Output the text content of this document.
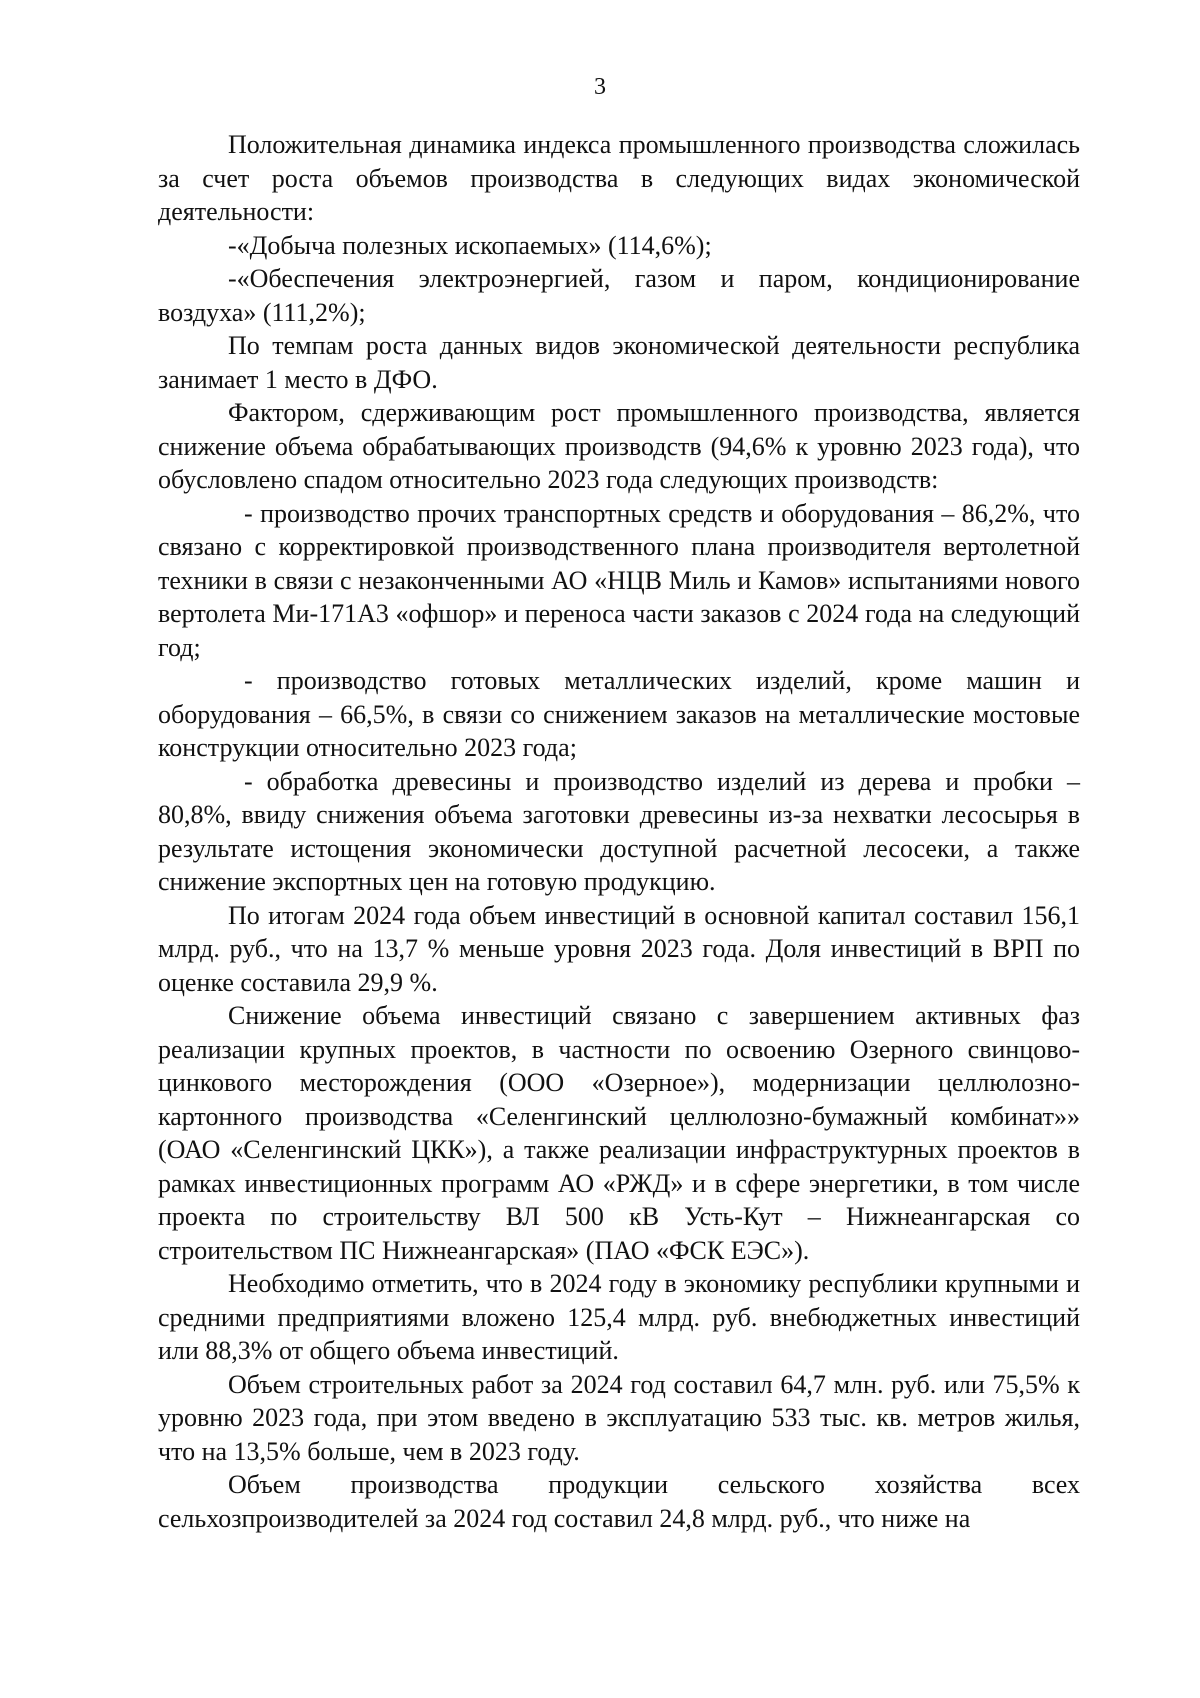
3

Положительная динамика индекса промышленного производства сложилась за счет роста объемов производства в следующих видах экономической деятельности:

-«Добыча полезных ископаемых» (114,6%);

-«Обеспечения электроэнергией, газом и паром, кондиционирование воздуха» (111,2%);

По темпам роста данных видов экономической деятельности республика занимает 1 место в ДФО.

Фактором, сдерживающим рост промышленного производства, является снижение объема обрабатывающих производств (94,6% к уровню 2023 года), что обусловлено спадом относительно 2023 года следующих производств:

- производство прочих транспортных средств и оборудования – 86,2%, что связано с корректировкой производственного плана производителя вертолетной техники в связи с незаконченными АО «НЦВ Миль и Камов» испытаниями нового вертолета Ми-171А3 «офшор» и переноса части заказов с 2024 года на следующий год;

- производство готовых металлических изделий, кроме машин и оборудования – 66,5%, в связи со снижением заказов на металлические мостовые конструкции относительно 2023 года;

- обработка древесины и производство изделий из дерева и пробки – 80,8%, ввиду снижения объема заготовки древесины из-за нехватки лесосырья в результате истощения экономически доступной расчетной лесосеки, а также снижение экспортных цен на готовую продукцию.

По итогам 2024 года объем инвестиций в основной капитал составил 156,1 млрд. руб., что на 13,7 % меньше уровня 2023 года. Доля инвестиций в ВРП по оценке составила 29,9 %.

Снижение объема инвестиций связано с завершением активных фаз реализации крупных проектов, в частности по освоению Озерного свинцово-цинкового месторождения (ООО «Озерное»), модернизации целлюлозно-картонного производства «Селенгинский целлюлозно-бумажный комбинат»» (ОАО «Селенгинский ЦКК»), а также реализации инфраструктурных проектов в рамках инвестиционных программ АО «РЖД» и в сфере энергетики, в том числе проекта по строительству ВЛ 500 кВ Усть-Кут – Нижнеангарская со строительством ПС Нижнеангарская» (ПАО «ФСК ЕЭС»).

Необходимо отметить, что в 2024 году в экономику республики крупными и средними предприятиями вложено 125,4 млрд. руб. внебюджетных инвестиций или 88,3% от общего объема инвестиций.

Объем строительных работ за 2024 год составил 64,7 млн. руб. или 75,5% к уровню 2023 года, при этом введено в эксплуатацию 533 тыс. кв. метров жилья, что на 13,5% больше, чем в 2023 году.

Объем производства продукции сельского хозяйства всех сельхозпроизводителей за 2024 год составил 24,8 млрд. руб., что ниже на
